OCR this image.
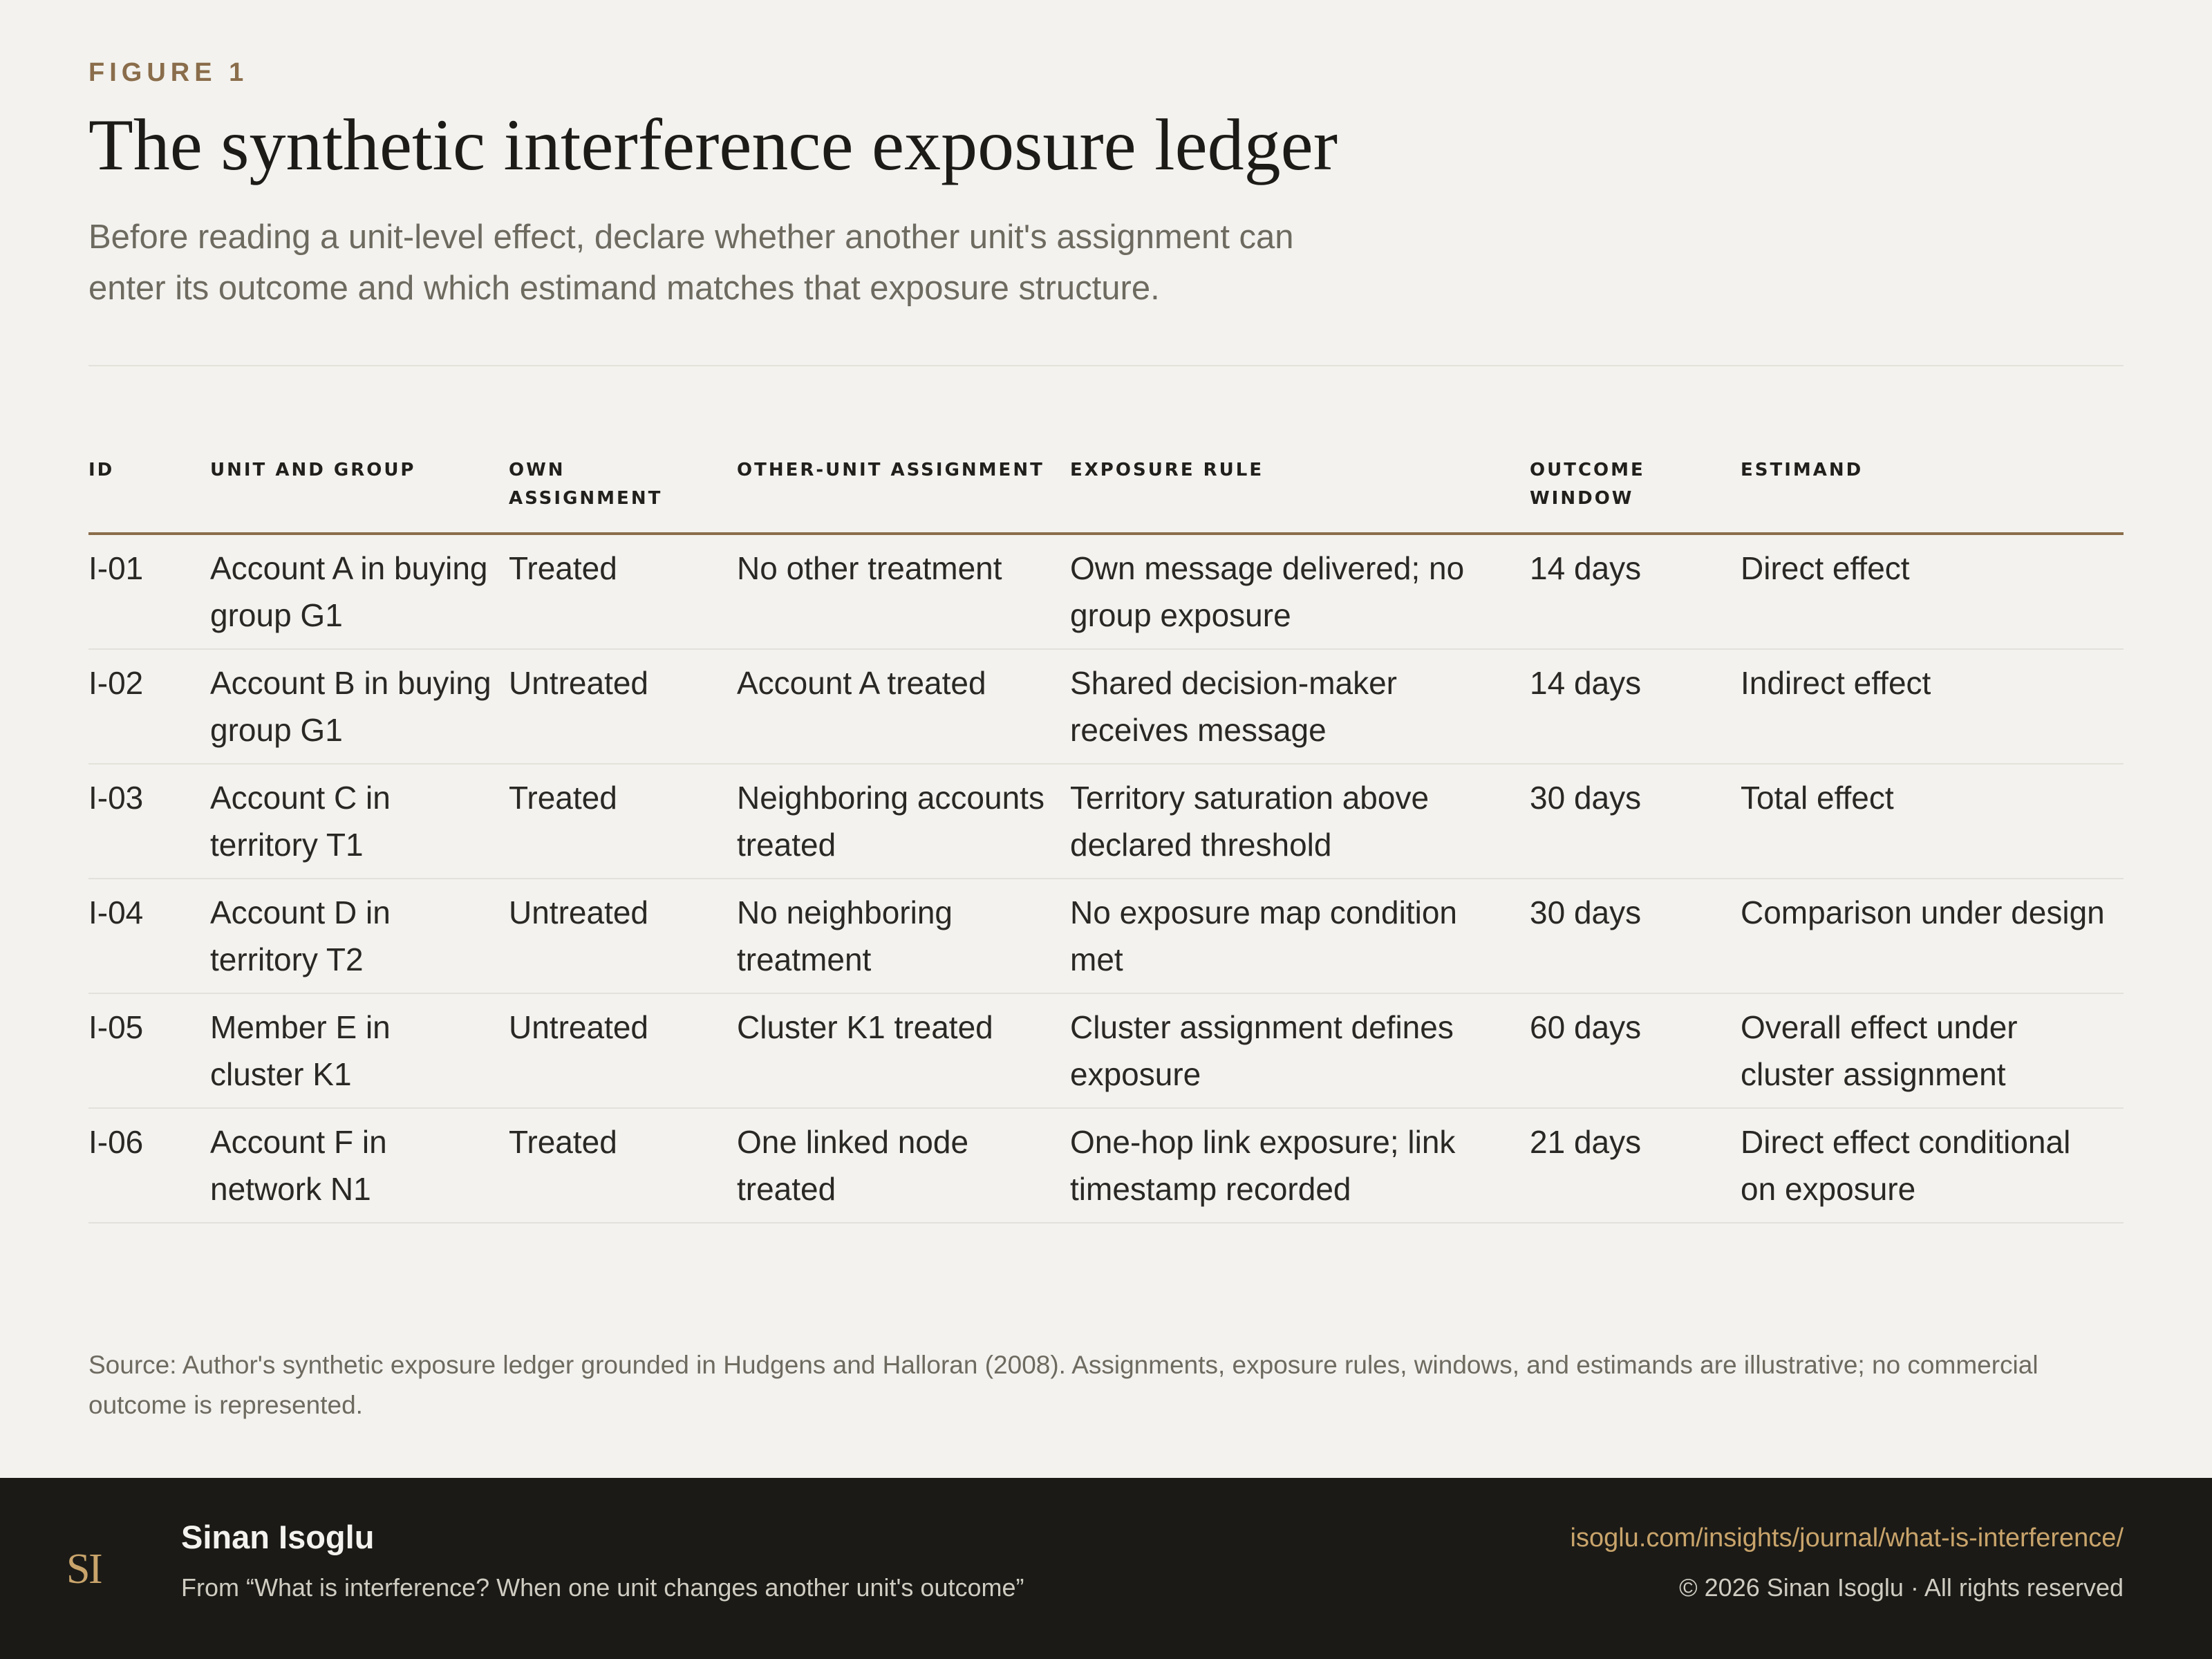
FIGURE 1
The synthetic interference exposure ledger
Before reading a unit-level effect, declare whether another unit's assignment can enter its outcome and which estimand matches that exposure structure.
ID	UNIT AND GROUP	OWN ASSIGNMENT	OTHER-UNIT ASSIGNMENT	EXPOSURE RULE	OUTCOME WINDOW	ESTIMAND
I-01	Account A in buying group G1	Treated	No other treatment	Own message delivered; no group exposure	14 days	Direct effect
I-02	Account B in buying group G1	Untreated	Account A treated	Shared decision-maker receives message	14 days	Indirect effect
I-03	Account C in territory T1	Treated	Neighboring accounts treated	Territory saturation above declared threshold	30 days	Total effect
I-04	Account D in territory T2	Untreated	No neighboring treatment	No exposure map condition met	30 days	Comparison under design
I-05	Member E in cluster K1	Untreated	Cluster K1 treated	Cluster assignment defines exposure	60 days	Overall effect under cluster assignment
I-06	Account F in network N1	Treated	One linked node treated	One-hop link exposure; link timestamp recorded	21 days	Direct effect conditional on exposure
Source: Author's synthetic exposure ledger grounded in Hudgens and Halloran (2008). Assignments, exposure rules, windows, and estimands are illustrative; no commercial outcome is represented.
S
I
Sinan Isoglu
From “What is interference? When one unit changes another unit's outcome”
isoglu.com/insights/journal/what-is-interference/
© 2026 Sinan Isoglu · All rights reserved
